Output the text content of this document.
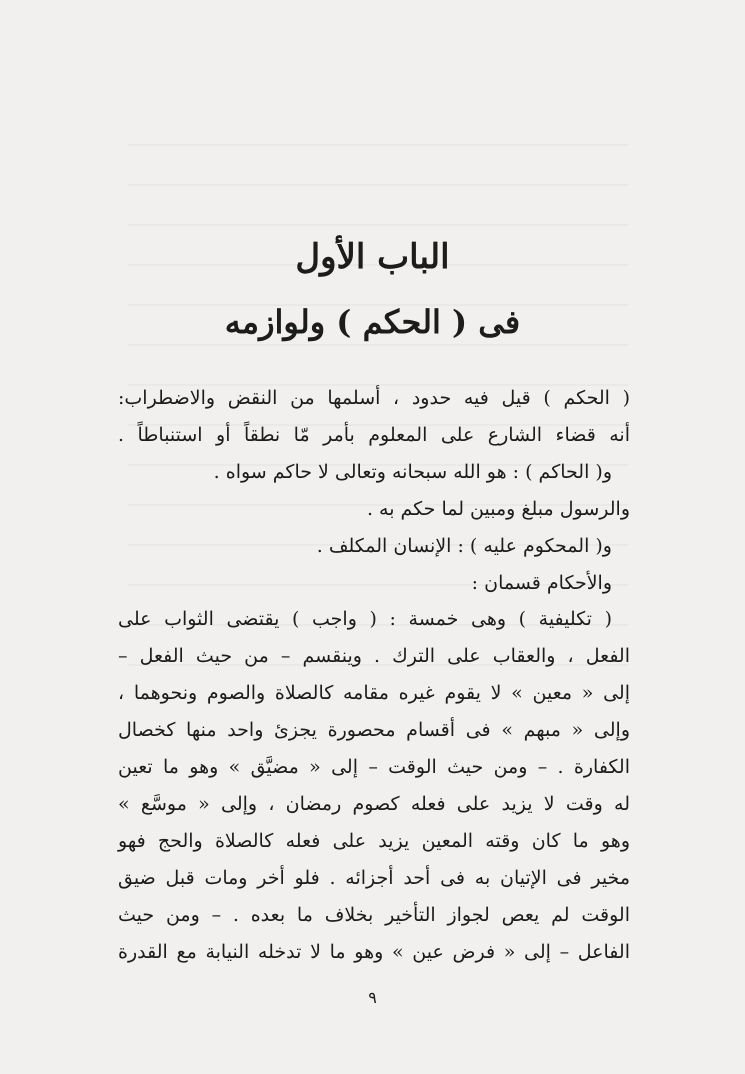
الباب الأول
فى ( الحكم ) ولوازمه
( الحكم ) قيل فيه حدود ، أسلمها من النقض والاضطراب:
أنه قضاء الشارع على المعلوم بأمر مّا نطقاً أو استنباطاً .
و( الحاكم ) : هو الله سبحانه وتعالى لا حاكم سواه .
والرسول مبلغ ومبين لما حكم به .
و( المحكوم عليه ) : الإنسان المكلف .
والأحكام قسمان :
( تكليفية ) وهى خمسة : ( واجب ) يقتضى الثواب على
الفعل ، والعقاب على الترك . وينقسم – من حيث الفعل –
إلى « معين » لا يقوم غيره مقامه كالصلاة والصوم ونحوهما ،
وإلى « مبهم » فى أقسام محصورة يجزئ واحد منها كخصال
الكفارة . – ومن حيث الوقت – إلى « مضيَّق » وهو ما تعين
له وقت لا يزيد على فعله كصوم رمضان ، وإلى « موسَّع »
وهو ما كان وقته المعين يزيد على فعله كالصلاة والحج فهو
مخير فى الإتيان به فى أحد أجزائه . فلو أخر ومات قبل ضيق
الوقت لم يعص لجواز التأخير بخلاف ما بعده . – ومن حيث
الفاعل – إلى « فرض عين » وهو ما لا تدخله النيابة مع القدرة
٩
